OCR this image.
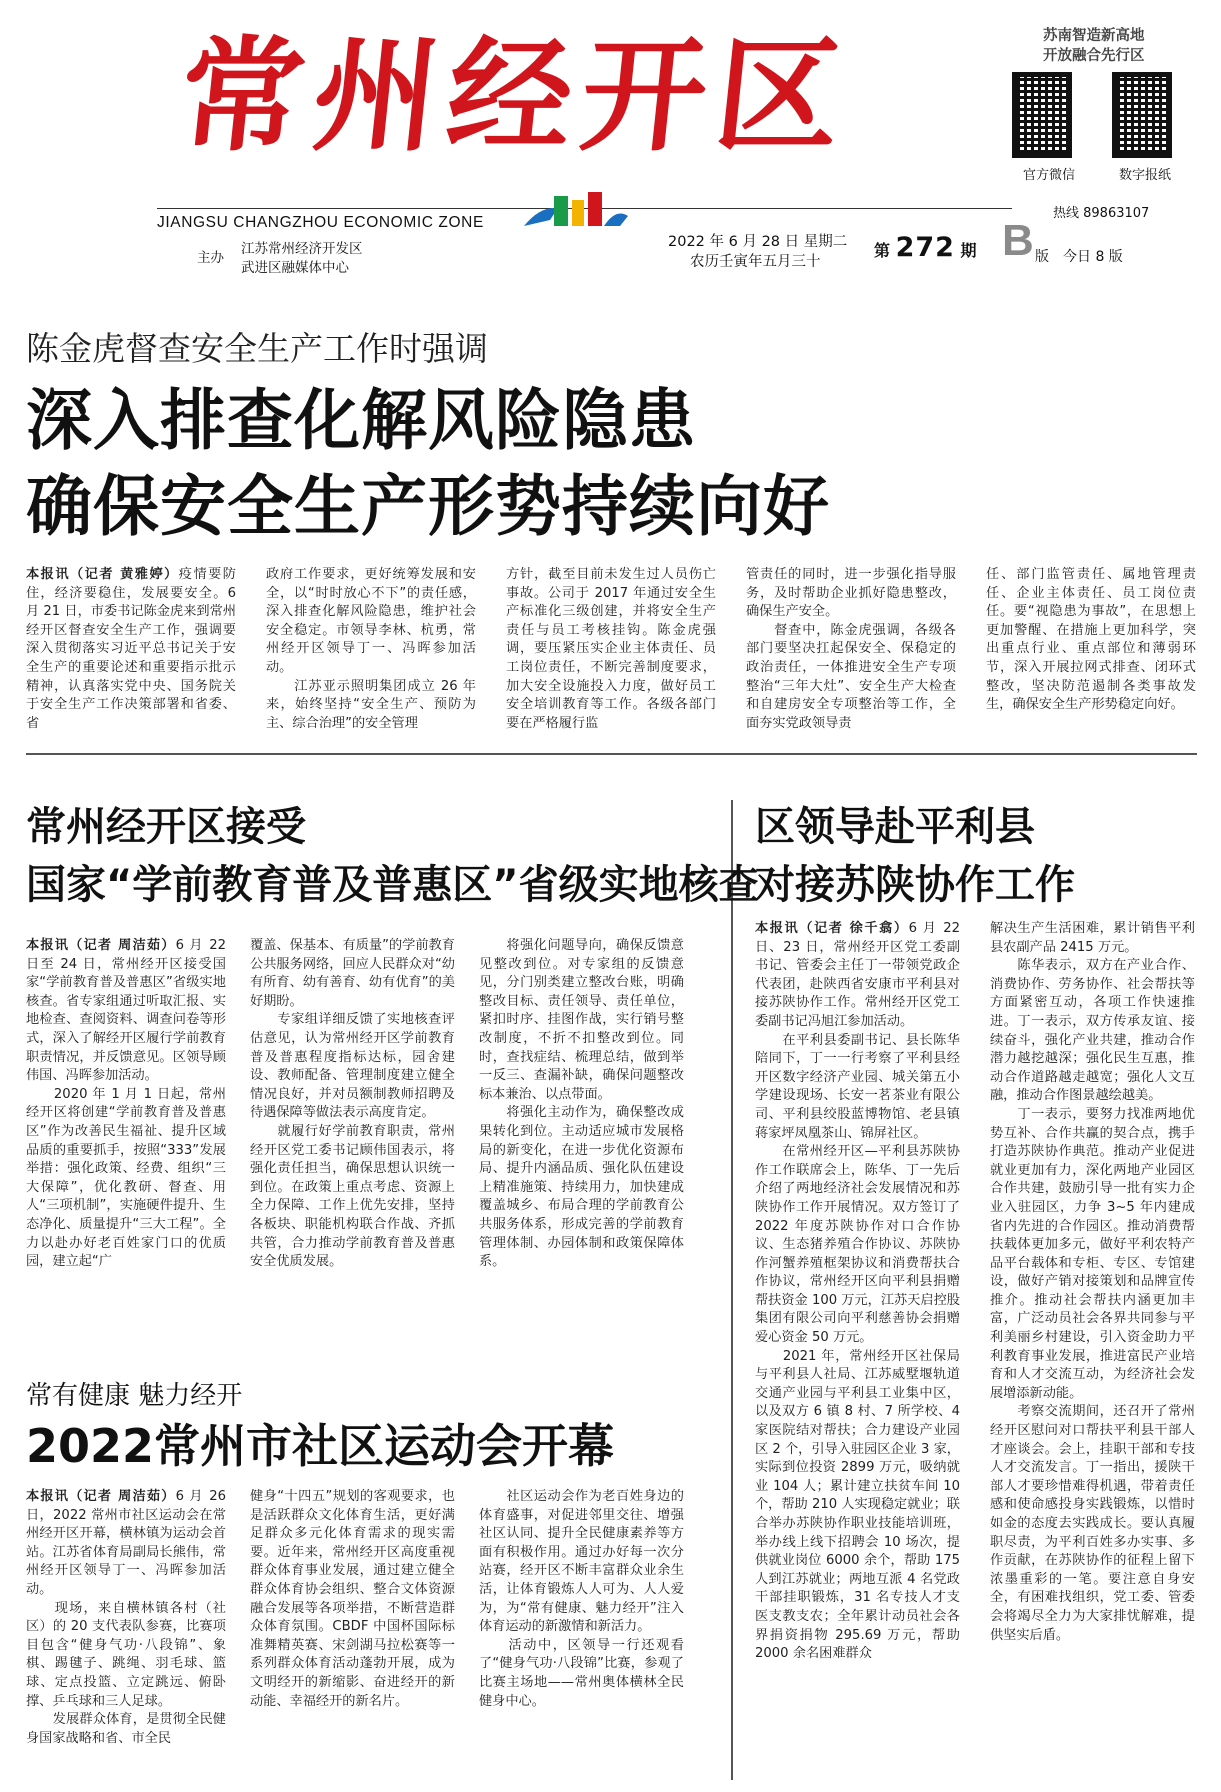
常州经开区
JIANGSU CHANGZHOU ECONOMIC ZONE
主办
江苏常州经济开发区
武进区融媒体中心
2022 年 6 月 28 日 星期二
农历壬寅年五月三十
第 272 期 B 版 今日 8 版
苏南智造新高地
开放融合先行区
官方微信	数字报纸
热线 89863107
陈金虎督查安全生产工作时强调
深入排查化解风险隐患
确保安全生产形势持续向好
本报讯（记者 黄雅婷）疫情要防住，经济要稳住，发展要安全。6 月 21 日，市委书记陈金虎来到常州经开区督查安全生产工作，强调要深入贯彻落实习近平总书记关于安全生产的重要论述和重要指示批示精神，认真落实党中央、国务院关于安全生产工作决策部署和省委、省
政府工作要求，更好统筹发展和安全，以“时时放心不下”的责任感，深入排查化解风险隐患，维护社会安全稳定。市领导李林、杭勇，常州经开区领导丁一、冯晖参加活动。
　　江苏亚示照明集团成立 26 年来，始终坚持“安全生产、预防为主、综合治理”的安全管理
方针，截至目前未发生过人员伤亡事故。公司于 2017 年通过安全生产标准化三级创建，并将安全生产责任与员工考核挂钩。陈金虎强调，要压紧压实企业主体责任、员工岗位责任，不断完善制度要求，加大安全设施投入力度，做好员工安全培训教育等工作。各级各部门要在严格履行监
管责任的同时，进一步强化指导服务，及时帮助企业抓好隐患整改，确保生产安全。
　　督查中，陈金虎强调，各级各部门要坚决扛起保安全、保稳定的政治责任，一体推进安全生产专项整治“三年大灶”、安全生产大检查和自建房安全专项整治等工作，全面夯实党政领导责
任、部门监管责任、属地管理责任、企业主体责任、员工岗位责任。要“视隐患为事故”，在思想上更加警醒、在措施上更加科学，突出重点行业、重点部位和薄弱环节，深入开展拉网式排查、闭环式整改，坚决防范遏制各类事故发生，确保安全生产形势稳定向好。
常州经开区接受
国家“学前教育普及普惠区”省级实地核查
本报讯（记者 周洁茹）6 月 22 日至 24 日，常州经开区接受国家“学前教育普及普惠区”省级实地核查。省专家组通过听取汇报、实地检查、查阅资料、调查问卷等形式，深入了解经开区履行学前教育职责情况，并反馈意见。区领导顾伟国、冯晖参加活动。
　　2020 年 1 月 1 日起，常州经开区将创建“学前教育普及普惠区”作为改善民生福祉、提升区域品质的重要抓手，按照“333”发展举措：强化政策、经费、组织“三大保障”，优化教研、督查、用人“三项机制”，实施硬件提升、生态净化、质量提升“三大工程”。全力以赴办好老百姓家门口的优质园，建立起“广
覆盖、保基本、有质量”的学前教育公共服务网络，回应人民群众对“幼有所育、幼有善育、幼有优育”的美好期盼。
　　专家组详细反馈了实地核查评估意见，认为常州经开区学前教育普及普惠程度指标达标，园舍建设、教师配备、管理制度建立健全情况良好，并对员额制教师招聘及待遇保障等做法表示高度肯定。
　　就履行好学前教育职责，常州经开区党工委书记顾伟国表示，将强化责任担当，确保思想认识统一到位。在政策上重点考虑、资源上全力保障、工作上优先安排，坚持各板块、职能机构联合作战、齐抓共管，合力推动学前教育普及普惠安全优质发展。
　　将强化问题导向，确保反馈意见整改到位。对专家组的反馈意见，分门别类建立整改台账，明确整改目标、责任领导、责任单位，紧扣时序、挂图作战，实行销号整改制度，不折不扣整改到位。同时，查找症结、梳理总结，做到举一反三、查漏补缺，确保问题整改标本兼治、以点带面。
　　将强化主动作为，确保整改成果转化到位。主动适应城市发展格局的新变化，在进一步优化资源布局、提升内涵品质、强化队伍建设上精准施策、持续用力，加快建成覆盖城乡、布局合理的学前教育公共服务体系，形成完善的学前教育管理体制、办园体制和政策保障体系。
常有健康 魅力经开
2022常州市社区运动会开幕
本报讯（记者 周洁茹）6 月 26 日，2022 常州市社区运动会在常州经开区开幕，横林镇为运动会首站。江苏省体育局副局长熊伟，常州经开区领导丁一、冯晖参加活动。
　　现场，来自横林镇各村（社区）的 20 支代表队参赛，比赛项目包含“健身气功·八段锦”、象棋、踢毽子、跳绳、羽毛球、篮球、定点投篮、立定跳远、俯卧撑、乒乓球和三人足球。
　　发展群众体育，是贯彻全民健身国家战略和省、市全民
健身“十四五”规划的客观要求，也是活跃群众文化体育生活，更好满足群众多元化体育需求的现实需要。近年来，常州经开区高度重视群众体育事业发展，通过建立健全群众体育协会组织、整合文体资源融合发展等各项举措，不断营造群众体育氛围。CBDF 中国杯国际标准舞精英赛、宋剑湖马拉松赛等一系列群众体育活动蓬勃开展，成为文明经开的新缩影、奋进经开的新动能、幸福经开的新名片。
　　社区运动会作为老百姓身边的体育盛事，对促进邻里交往、增强社区认同、提升全民健康素养等方面有积极作用。通过办好每一次分站赛，经开区不断丰富群众业余生活，让体育锻炼人人可为、人人爱为，为“常有健康、魅力经开”注入体育运动的新激情和新活力。
　　活动中，区领导一行还观看了“健身气功·八段锦”比赛，参观了比赛主场地——常州奥体横林全民健身中心。
区领导赴平利县
对接苏陕协作工作
本报讯（记者 徐千翕）6 月 22 日、23 日，常州经开区党工委副书记、管委会主任丁一带领党政企代表团，赴陕西省安康市平利县对接苏陕协作工作。常州经开区党工委副书记冯旭江参加活动。
　　在平利县委副书记、县长陈华陪同下，丁一一行考察了平利县经开区数字经济产业园、城关第五小学建设现场、长安一茗茶业有限公司、平利县绞股蓝博物馆、老县镇蒋家坪凤凰茶山、锦屏社区。
　　在常州经开区—平利县苏陕协作工作联席会上，陈华、丁一先后介绍了两地经济社会发展情况和苏陕协作工作开展情况。双方签订了 2022 年度苏陕协作对口合作协议、生态猪养殖合作协议、苏陕协作河蟹养殖框架协议和消费帮扶合作协议，常州经开区向平利县捐赠帮扶资金 100 万元，江苏天启控股集团有限公司向平利慈善协会捐赠爱心资金 50 万元。
　　2021 年，常州经开区社保局与平利县人社局、江苏威墅堰轨道交通产业园与平利县工业集中区，以及双方 6 镇 8 村、7 所学校、4 家医院结对帮扶；合力建设产业园区 2 个，引导入驻园区企业 3 家，实际到位投资 2899 万元，吸纳就业 104 人；累计建立扶贫车间 10 个，帮助 210 人实现稳定就业；联合举办苏陕协作职业技能培训班，举办线上线下招聘会 10 场次，提供就业岗位 6000 余个，帮助 175 人到江苏就业；两地互派 4 名党政干部挂职锻炼，31 名专技人才支医支教支农；全年累计动员社会各界捐资捐物 295.69 万元，帮助 2000 余名困难群众
解决生产生活困难，累计销售平利县农副产品 2415 万元。
　　陈华表示，双方在产业合作、消费协作、劳务协作、社会帮扶等方面紧密互动，各项工作快速推进。丁一表示，双方传承友谊、接续奋斗，强化产业共建，推动合作潜力越挖越深；强化民生互惠，推动合作道路越走越宽；强化人文互融，推动合作图景越绘越美。
　　丁一表示，要努力找准两地优势互补、合作共赢的契合点，携手打造苏陕协作典范。推动产业促进就业更加有力，深化两地产业园区合作共建，鼓励引导一批有实力企业入驻园区，力争 3~5 年内建成省内先进的合作园区。推动消费帮扶载体更加多元，做好平利农特产品平台载体和专柜、专区、专馆建设，做好产销对接策划和品牌宣传推介。推动社会帮扶内涵更加丰富，广泛动员社会各界共同参与平利美丽乡村建设，引入资金助力平利教育事业发展，推进富民产业培育和人才交流互动，为经济社会发展增添新动能。
　　考察交流期间，还召开了常州经开区慰问对口帮扶平利县干部人才座谈会。会上，挂职干部和专技人才交流发言。丁一指出，援陕干部人才要珍惜难得机遇，带着责任感和使命感投身实践锻炼，以惜时如金的态度去实践成长。要认真履职尽责，为平利百姓多办实事、多作贡献，在苏陕协作的征程上留下浓墨重彩的一笔。要注意自身安全，有困难找组织，党工委、管委会将竭尽全力为大家排忧解难，提供坚实后盾。
